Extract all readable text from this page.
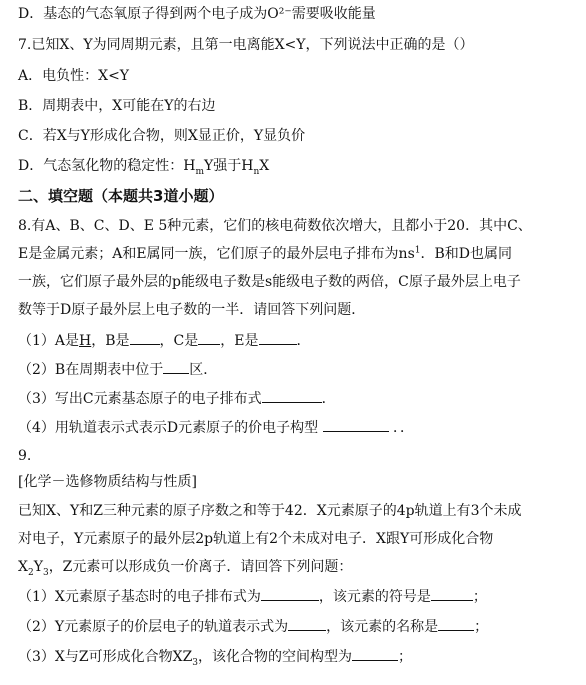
D．基态的气态氧原子得到两个电子成为O²⁻需要吸收能量
7.已知X、Y为同周期元素，且第一电离能X<Y，下列说法中正确的是（）
A．电负性：X<Y
B．周期表中，X可能在Y的右边
C．若X与Y形成化合物，则X显正价，Y显负价
D．气态氢化物的稳定性：$H_mY$强于$H_nX$
二、填空题（本题共3道小题）
8.有A、B、C、D、E 5种元素，它们的核电荷数依次增大，且都小于20．其中C、
E是金属元素；A和E属同一族，它们原子的最外层电子排布为$ns^1$．B和D也属同
一族，它们原子最外层的p能级电子数是s能级电子数的两倍，C原子最外层上电子
数等于D原子最外层上电子数的一半．请回答下列问题．
（1）A是H，B是 ，C是 ，E是	．
（2）B在周期表中位于 区．
（3）写出C元素基态原子的电子排布式	．
（4）用轨道表示式表示D元素原子的价电子构型	．．
9.
[化学－选修物质结构与性质]
已知X、Y和Z三种元素的原子序数之和等于42．X元素原子的4p轨道上有3个未成
对电子，Y元素原子的最外层2p轨道上有2个未成对电子．X跟Y可形成化合物
$X_2Y_3$，Z元素可以形成负一价离子．请回答下列问题：
（1）X元素原子基态时的电子排布式为	，该元素的符号是	；
（2）Y元素原子的价层电子的轨道表示式为	，该元素的名称是	；
（3）X与Z可形成化合物$XZ_3$，该化合物的空间构型为	；
